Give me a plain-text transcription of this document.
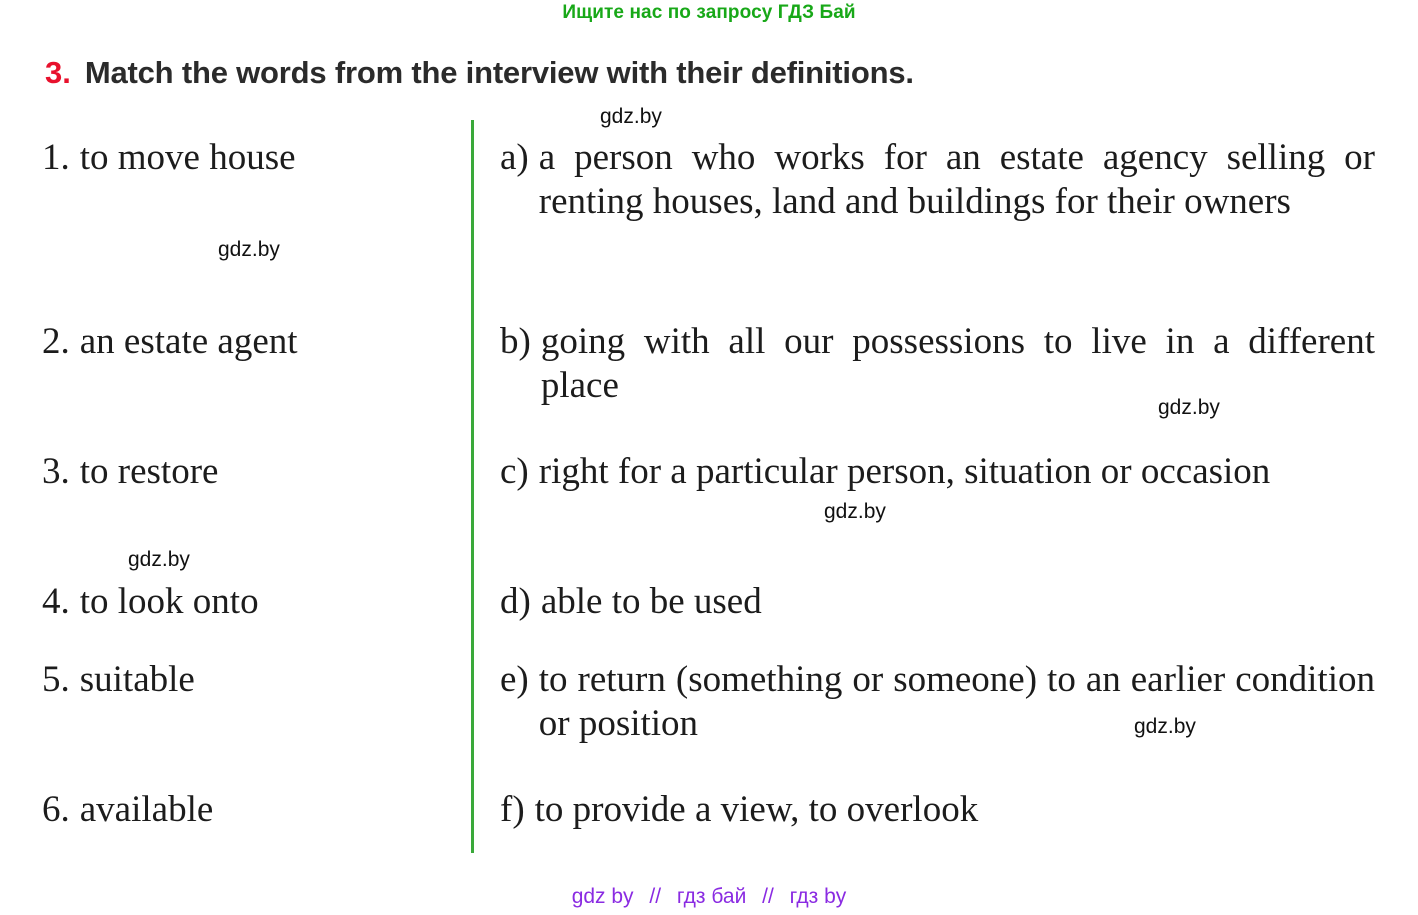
Ищите нас по запросу ГДЗ Бай
3. Match the words from the interview with their definitions.
1. to move house
2. an estate agent
3. to restore
4. to look onto
5. suitable
6. available
a) a person who works for an estate agency selling or renting houses, land and buildings for their owners
b) going with all our possessions to live in a different place
c) right for a particular person, situation or occasion
d) able to be used
e) to return (something or someone) to an earlier condition or position
f) to provide a view, to overlook
gdz.by
gdz.by
gdz.by
gdz.by
gdz.by
gdz.by
gdz by // гдз бай // гдз by
